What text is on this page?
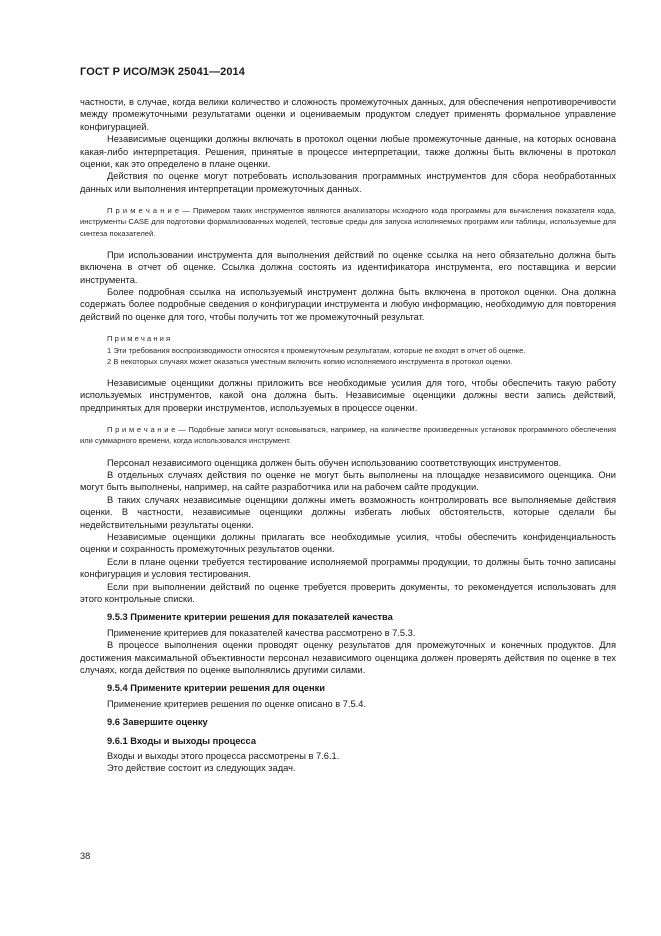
ГОСТ Р ИСО/МЭК 25041—2014

частности, в случае, когда велики количество и сложность промежуточных данных, для обеспечения непротиворечивости между промежуточными результатами оценки и оцениваемым продуктом следует применять формальное управление конфигурацией.

Независимые оценщики должны включать в протокол оценки любые промежуточные данные, на которых основана какая-либо интерпретация. Решения, принятые в процессе интерпретации, также должны быть включены в протокол оценки, как это определено в плане оценки.

Действия по оценке могут потребовать использования программных инструментов для сбора необработанных данных или выполнения интерпретации промежуточных данных.

П р и м е ч а н и е — Примером таких инструментов являются анализаторы исходного кода программы для вычисления показателя кода, инструменты CASE для подготовки формализованных моделей, тестовые среды для запуска исполняемых программ или таблицы, используемые для синтеза показателей.

При использовании инструмента для выполнения действий по оценке ссылка на него обязательно должна быть включена в отчет об оценке. Ссылка должна состоять из идентификатора инструмента, его поставщика и версии инструмента.

Более подробная ссылка на используемый инструмент должна быть включена в протокол оценки. Она должна содержать более подробные сведения о конфигурации инструмента и любую информацию, необходимую для повторения действий по оценке для того, чтобы получить тот же промежуточный результат.

П р и м е ч а н и я

1 Эти требования воспроизводимости относятся к промежуточным результатам, которые не входят в отчет об оценке.

2 В некоторых случаях может оказаться уместным включить копию исполняемого инструмента в протокол оценки.

Независимые оценщики должны приложить все необходимые усилия для того, чтобы обеспечить такую работу используемых инструментов, какой она должна быть. Независимые оценщики должны вести запись действий, предпринятых для проверки инструментов, используемых в процессе оценки.

П р и м е ч а н и е — Подобные записи могут основываться, например, на количестве произведенных установок программного обеспечения или суммарного времени, когда использовался инструмент.

Персонал независимого оценщика должен быть обучен использованию соответствующих инструментов.

В отдельных случаях действия по оценке не могут быть выполнены на площадке независимого оценщика. Они могут быть выполнены, например, на сайте разработчика или на рабочем сайте продукции.

В таких случаях независимые оценщики должны иметь возможность контролировать все выполняемые действия оценки. В частности, независимые оценщики должны избегать любых обстоятельств, которые сделали бы недействительными результаты оценки.

Независимые оценщики должны прилагать все необходимые усилия, чтобы обеспечить конфиденциальность оценки и сохранность промежуточных результатов оценки.

Если в плане оценки требуется тестирование исполняемой программы продукции, то должны быть точно записаны конфигурация и условия тестирования.

Если при выполнении действий по оценке требуется проверить документы, то рекомендуется использовать для этого контрольные списки.

9.5.3 Примените критерии решения для показателей качества

Применение критериев для показателей качества рассмотрено в 7.5.3.

В процессе выполнения оценки проводят оценку результатов для промежуточных и конечных продуктов. Для достижения максимальной объективности персонал независимого оценщика должен проверять действия по оценке в тех случаях, когда действия по оценке выполнялись другими силами.

9.5.4 Примените критерии решения для оценки

Применение критериев решения по оценке описано в 7.5.4.

9.6 Завершите оценку

9.6.1 Входы и выходы процесса

Входы и выходы этого процесса рассмотрены в 7.6.1.

Это действие состоит из следующих задач.

38
